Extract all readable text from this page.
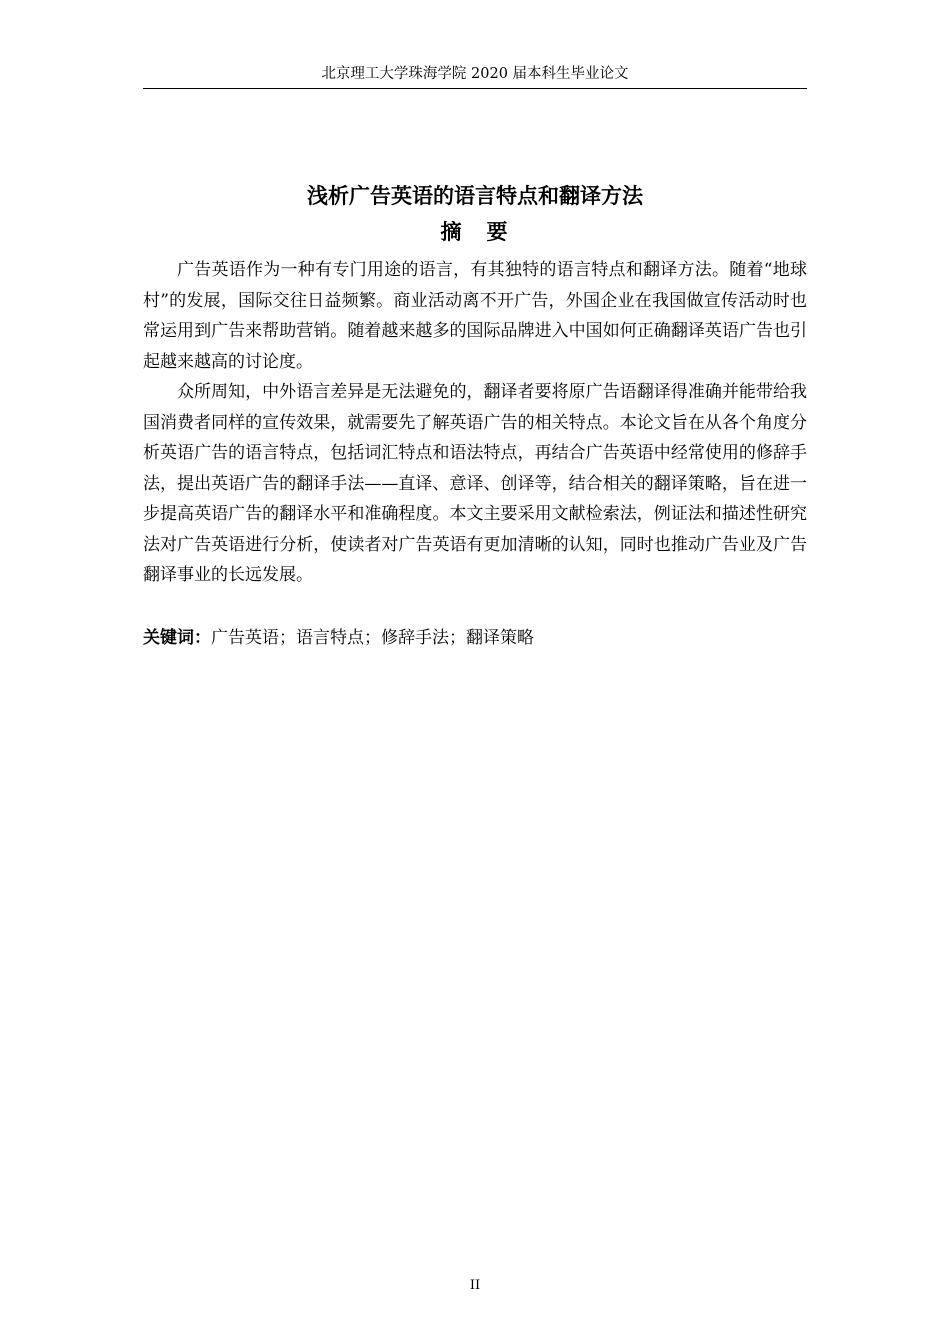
北京理工大学珠海学院 2020 届本科生毕业论文
浅析广告英语的语言特点和翻译方法
摘　要

广告英语作为一种有专门用途的语言，有其独特的语言特点和翻译方法。随着“地球村”的发展，国际交往日益频繁。商业活动离不开广告，外国企业在我国做宣传活动时也常运用到广告来帮助营销。随着越来越多的国际品牌进入中国如何正确翻译英语广告也引起越来越高的讨论度。

众所周知，中外语言差异是无法避免的，翻译者要将原广告语翻译得准确并能带给我国消费者同样的宣传效果，就需要先了解英语广告的相关特点。本论文旨在从各个角度分析英语广告的语言特点，包括词汇特点和语法特点，再结合广告英语中经常使用的修辞手法，提出英语广告的翻译手法——直译、意译、创译等，结合相关的翻译策略，旨在进一步提高英语广告的翻译水平和准确程度。本文主要采用文献检索法，例证法和描述性研究法对广告英语进行分析，使读者对广告英语有更加清晰的认知，同时也推动广告业及广告翻译事业的长远发展。

关键词：广告英语；语言特点；修辞手法；翻译策略
II
